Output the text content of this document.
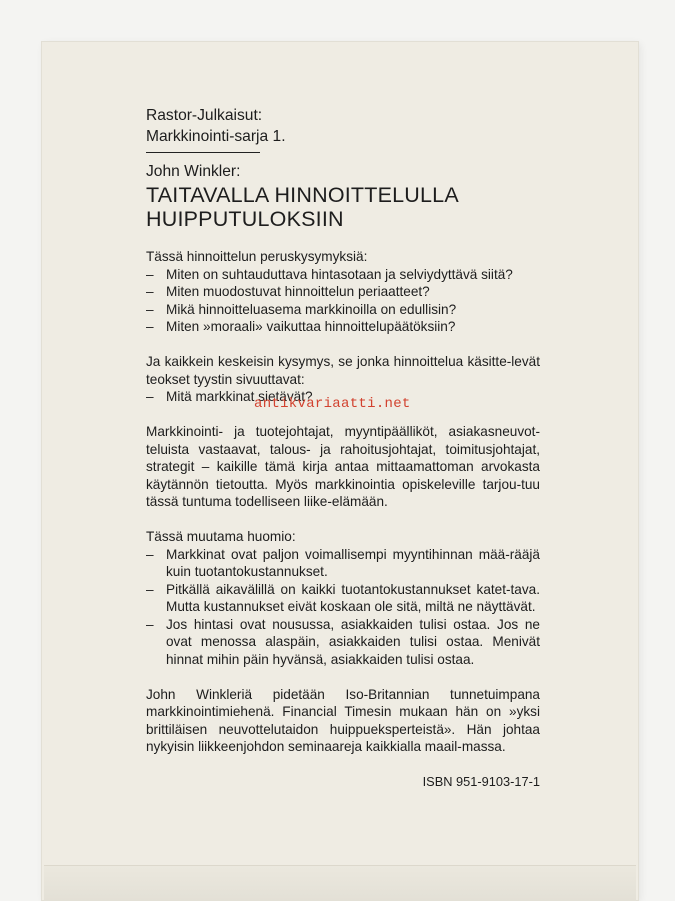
Rastor-Julkaisut:
Markkinointi-sarja 1.
John Winkler:
TAITAVALLA HINNOITTELULLA
HUIPPUTULOKSIIN

Tässä hinnoittelun peruskysymyksiä:

– Miten on suhtauduttava hintasotaan ja selviydyttävä siitä?
– Miten muodostuvat hinnoittelun periaatteet?
– Mikä hinnoitteluasema markkinoilla on edullisin?
– Miten »moraali» vaikuttaa hinnoittelupäätöksiin?

Ja kaikkein keskeisin kysymys, se jonka hinnoittelua käsitte-levät teokset tyystin sivuuttavat:

– Mitä markkinat sietävät?

Markkinointi- ja tuotejohtajat, myyntipäälliköt, asiakasneuvot-teluista vastaavat, talous- ja rahoitusjohtajat, toimitusjohtajat, strategit – kaikille tämä kirja antaa mittaamattoman arvokasta käytännön tietoutta. Myös markkinointia opiskeleville tarjou-tuu tässä tuntuma todelliseen liike-elämään.

Tässä muutama huomio:

– Markkinat ovat paljon voimallisempi myyntihinnan mää-rääjä kuin tuotantokustannukset.
– Pitkällä aikavälillä on kaikki tuotantokustannukset katet-tava. Mutta kustannukset eivät koskaan ole sitä, miltä ne näyttävät.
– Jos hintasi ovat nousussa, asiakkaiden tulisi ostaa. Jos ne ovat menossa alaspäin, asiakkaiden tulisi ostaa. Menivät hinnat mihin päin hyvänsä, asiakkaiden tulisi ostaa.

John Winkleriä pidetään Iso-Britannian tunnetuimpana markkinointimiehenä. Financial Timesin mukaan hän on »yksi brittiläisen neuvottelutaidon huippueksperteistä». Hän johtaa nykyisin liikkeenjohdon seminaareja kaikkialla maail-massa.

ISBN 951-9103-17-1
antikvariaatti.net
